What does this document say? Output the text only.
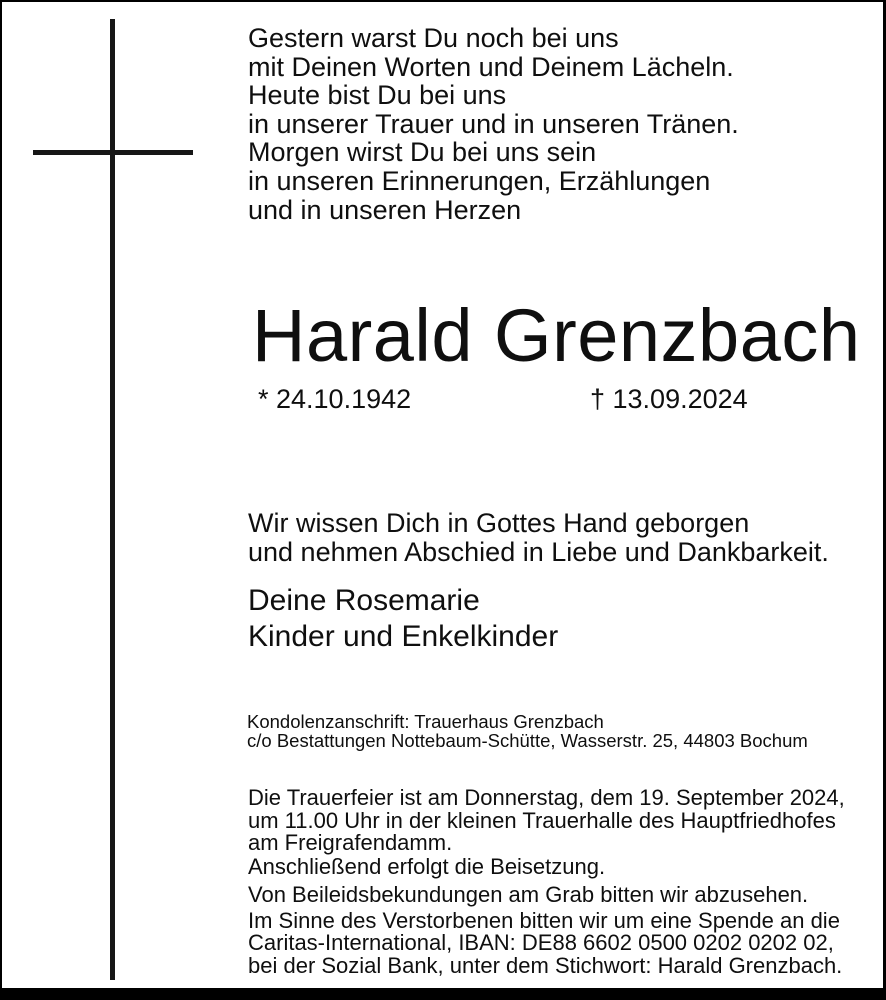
Gestern warst Du noch bei uns
mit Deinen Worten und Deinem Lächeln.
Heute bist Du bei uns
in unserer Trauer und in unseren Tränen.
Morgen wirst Du bei uns sein
in unseren Erinnerungen, Erzählungen
und in unseren Herzen
Harald Grenzbach
* 24.10.1942	† 13.09.2024
Wir wissen Dich in Gottes Hand geborgen
und nehmen Abschied in Liebe und Dankbarkeit.
Deine Rosemarie
Kinder und Enkelkinder
Kondolenzanschrift: Trauerhaus Grenzbach
c/o Bestattungen Nottebaum-Schütte, Wasserstr. 25, 44803 Bochum
Die Trauerfeier ist am Donnerstag, dem 19. September 2024,
um 11.00 Uhr in der kleinen Trauerhalle des Hauptfriedhofes
am Freigrafendamm.
Anschließend erfolgt die Beisetzung.
Von Beileidsbekundungen am Grab bitten wir abzusehen.
Im Sinne des Verstorbenen bitten wir um eine Spende an die
Caritas-International, IBAN: DE88 6602 0500 0202 0202 02,
bei der Sozial Bank, unter dem Stichwort: Harald Grenzbach.
